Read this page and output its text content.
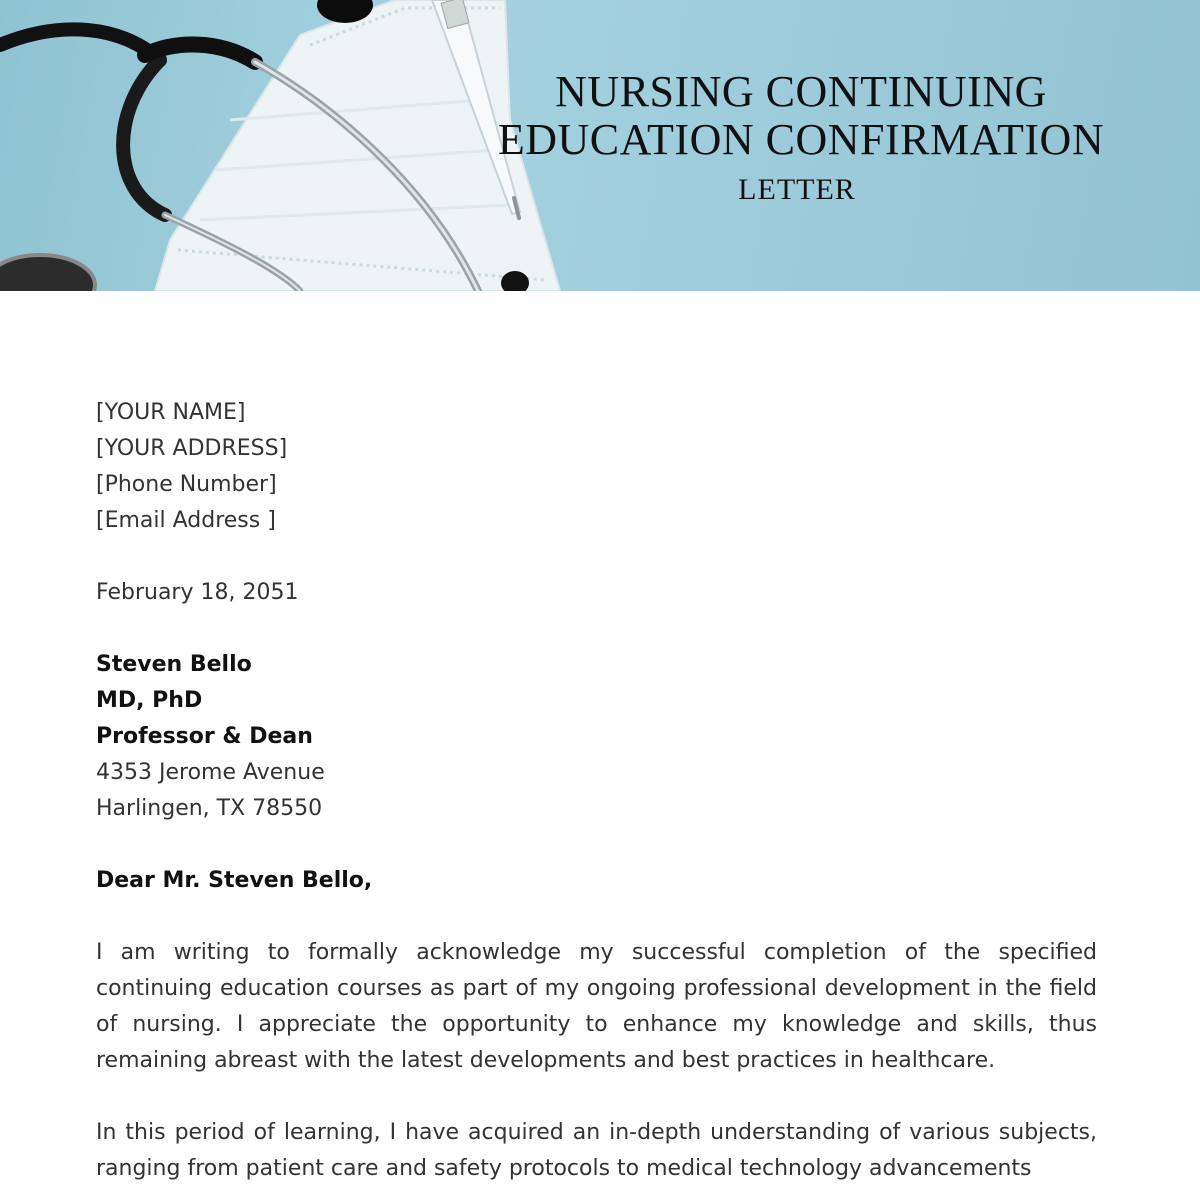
NURSING CONTINUING
EDUCATION CONFIRMATION
LETTER
[YOUR NAME]
[YOUR ADDRESS]
[Phone Number]
[Email Address ]
February 18, 2051
Steven Bello
MD, PhD
Professor & Dean
4353 Jerome Avenue
Harlingen, TX 78550
Dear Mr. Steven Bello,

I am writing to formally acknowledge my successful completion of the specified continuing education courses as part of my ongoing professional development in the field of nursing. I appreciate the opportunity to enhance my knowledge and skills, thus remaining abreast with the latest developments and best practices in healthcare.

In this period of learning, I have acquired an in-depth understanding of various subjects, ranging from patient care and safety protocols to medical technology advancements
